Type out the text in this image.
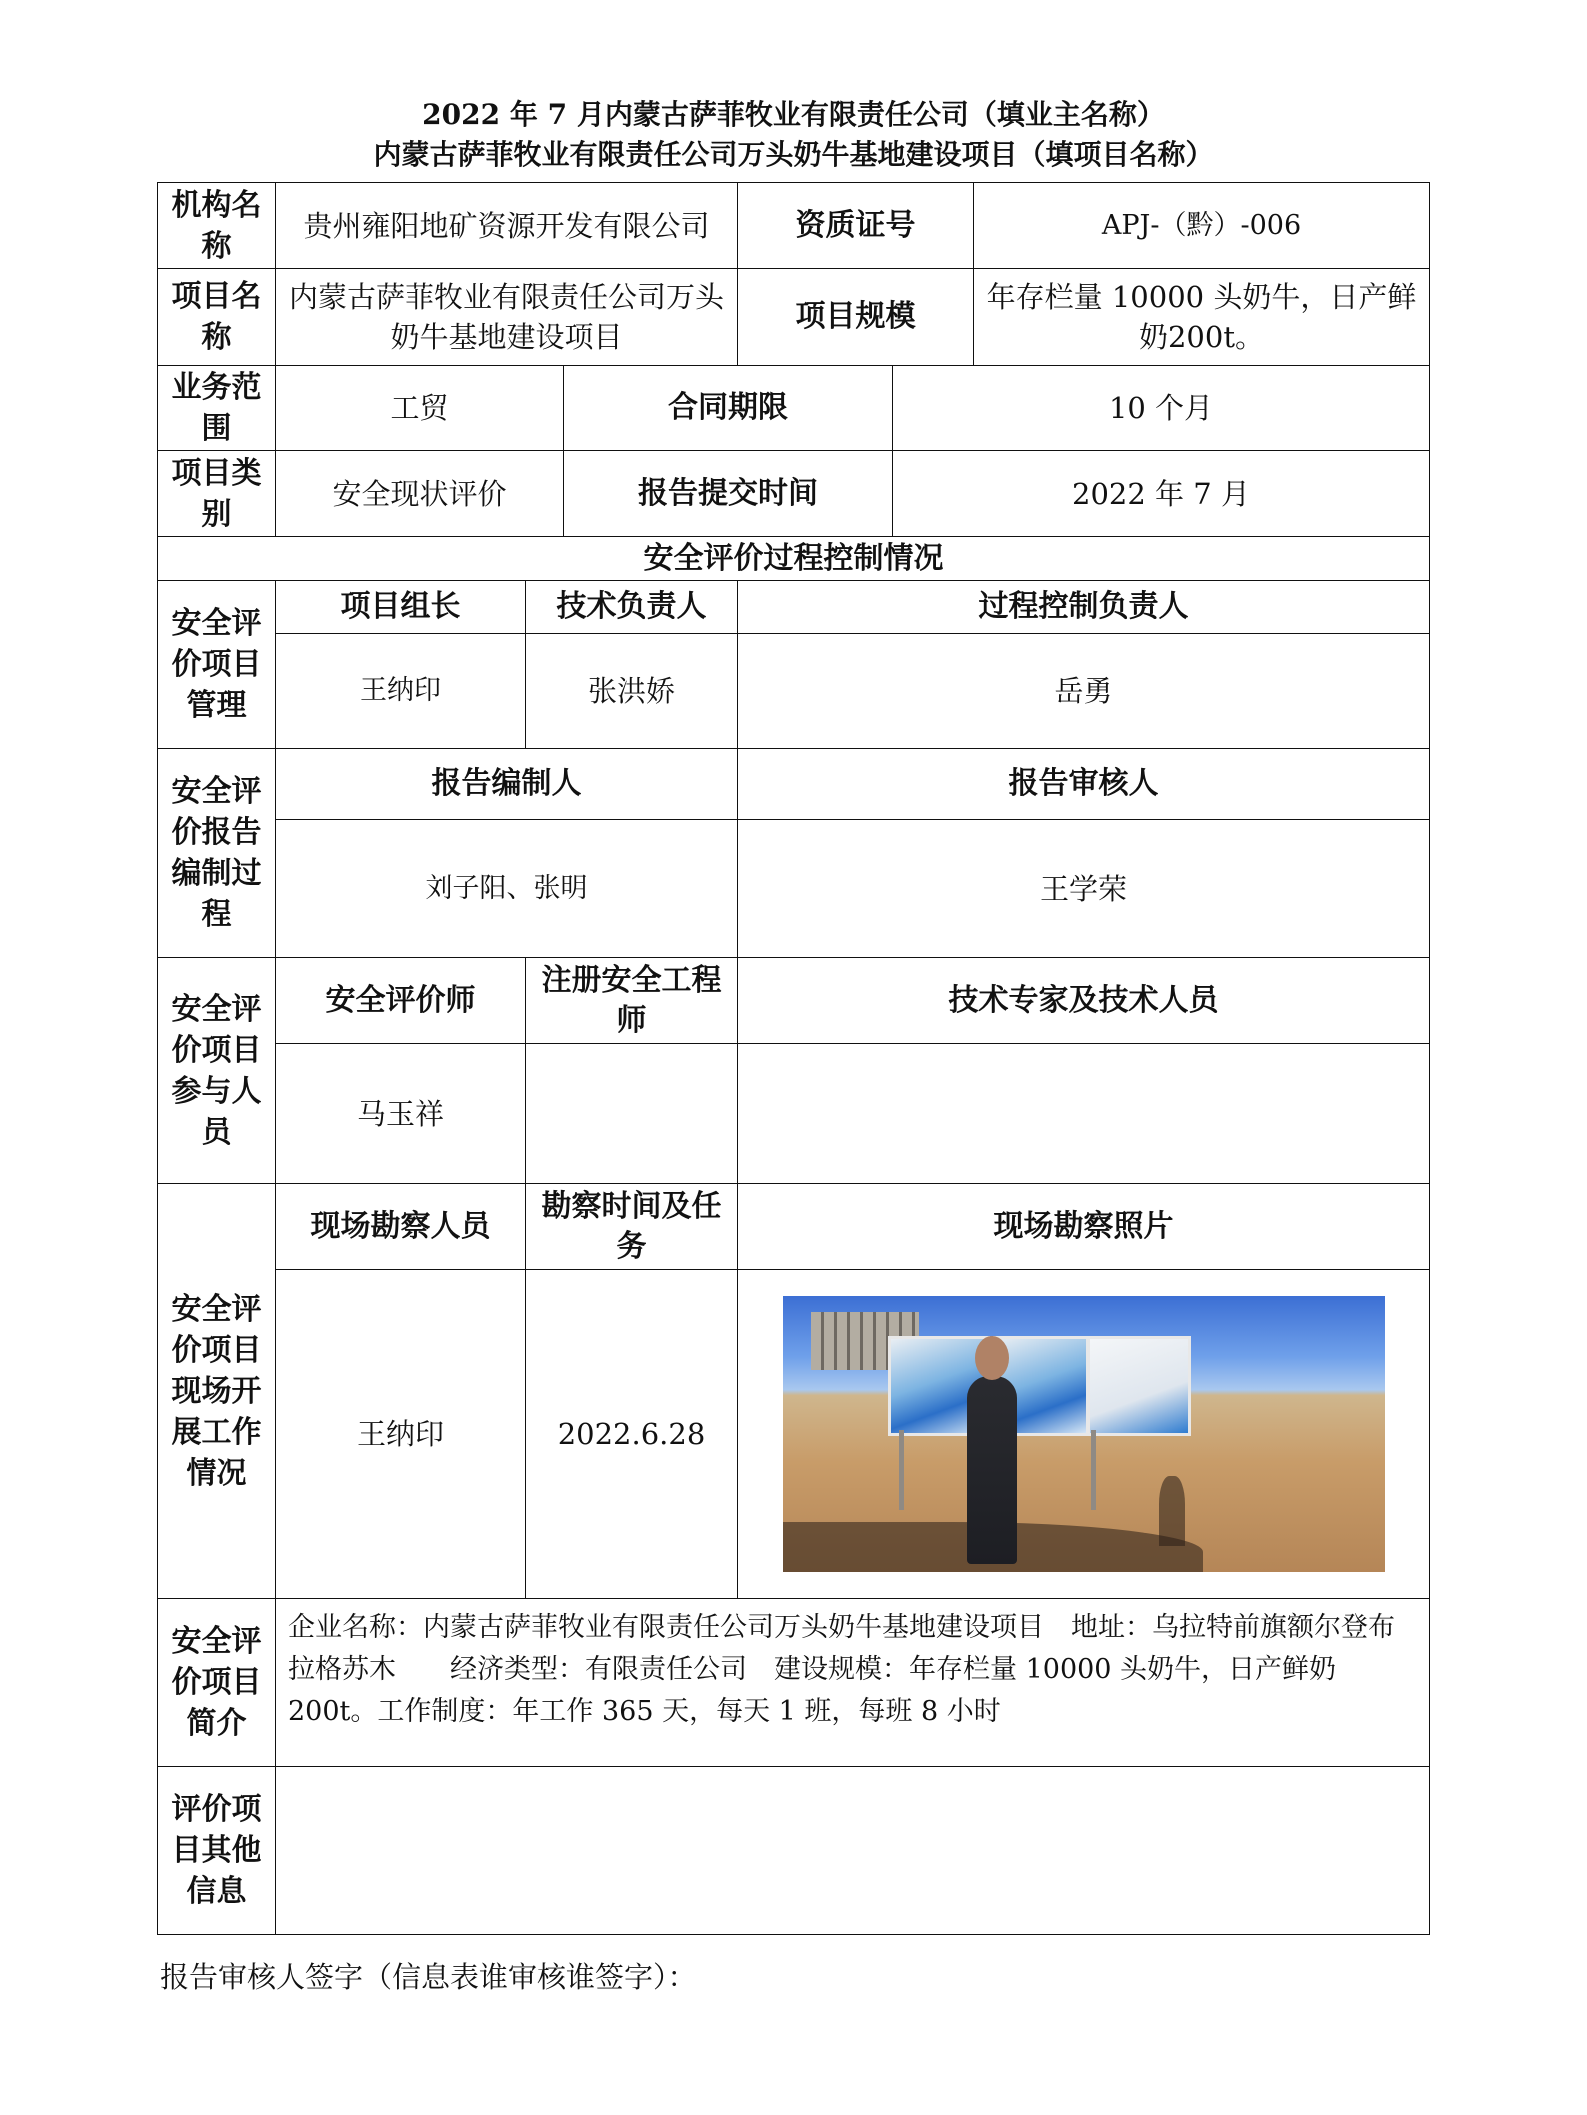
2022 年 7 月内蒙古萨菲牧业有限责任公司（填业主名称）
内蒙古萨菲牧业有限责任公司万头奶牛基地建设项目（填项目名称）
机构名称	贵州雍阳地矿资源开发有限公司			资质证号		APJ-（黔）-006
项目名称	内蒙古萨菲牧业有限责任公司万头奶牛基地建设项目			项目规模		年存栏量 10000 头奶牛，日产鲜奶200t。
业务范围	工贸		合同期限		10 个月	
项目类别	安全现状评价		报告提交时间		2022 年 7 月	
安全评价过程控制情况						
安全评价项目管理	项目组长	技术负责人		过程控制负责人		
	王纳印	张洪娇		岳勇		
安全评价报告编制过程	报告编制人			报告审核人		
	刘子阳、张明			王学荣		
安全评价项目参与人员	安全评价师	注册安全工程师		技术专家及技术人员		
	马玉祥					
安全评价项目现场开展工作情况	现场勘察人员	勘察时间及任务		现场勘察照片		
	王纳印	2022.6.28				

安全评价项目简介	企业名称：内蒙古萨菲牧业有限责任公司万头奶牛基地建设项目　地址：乌拉特前旗额尔登布拉格苏木　　经济类型：有限责任公司　建设规模：年存栏量 10000 头奶牛，日产鲜奶 200t。工作制度：年工作 365 天，每天 1 班，每班 8 小时					
评价项目其他信息						
报告审核人签字（信息表谁审核谁签字）：
